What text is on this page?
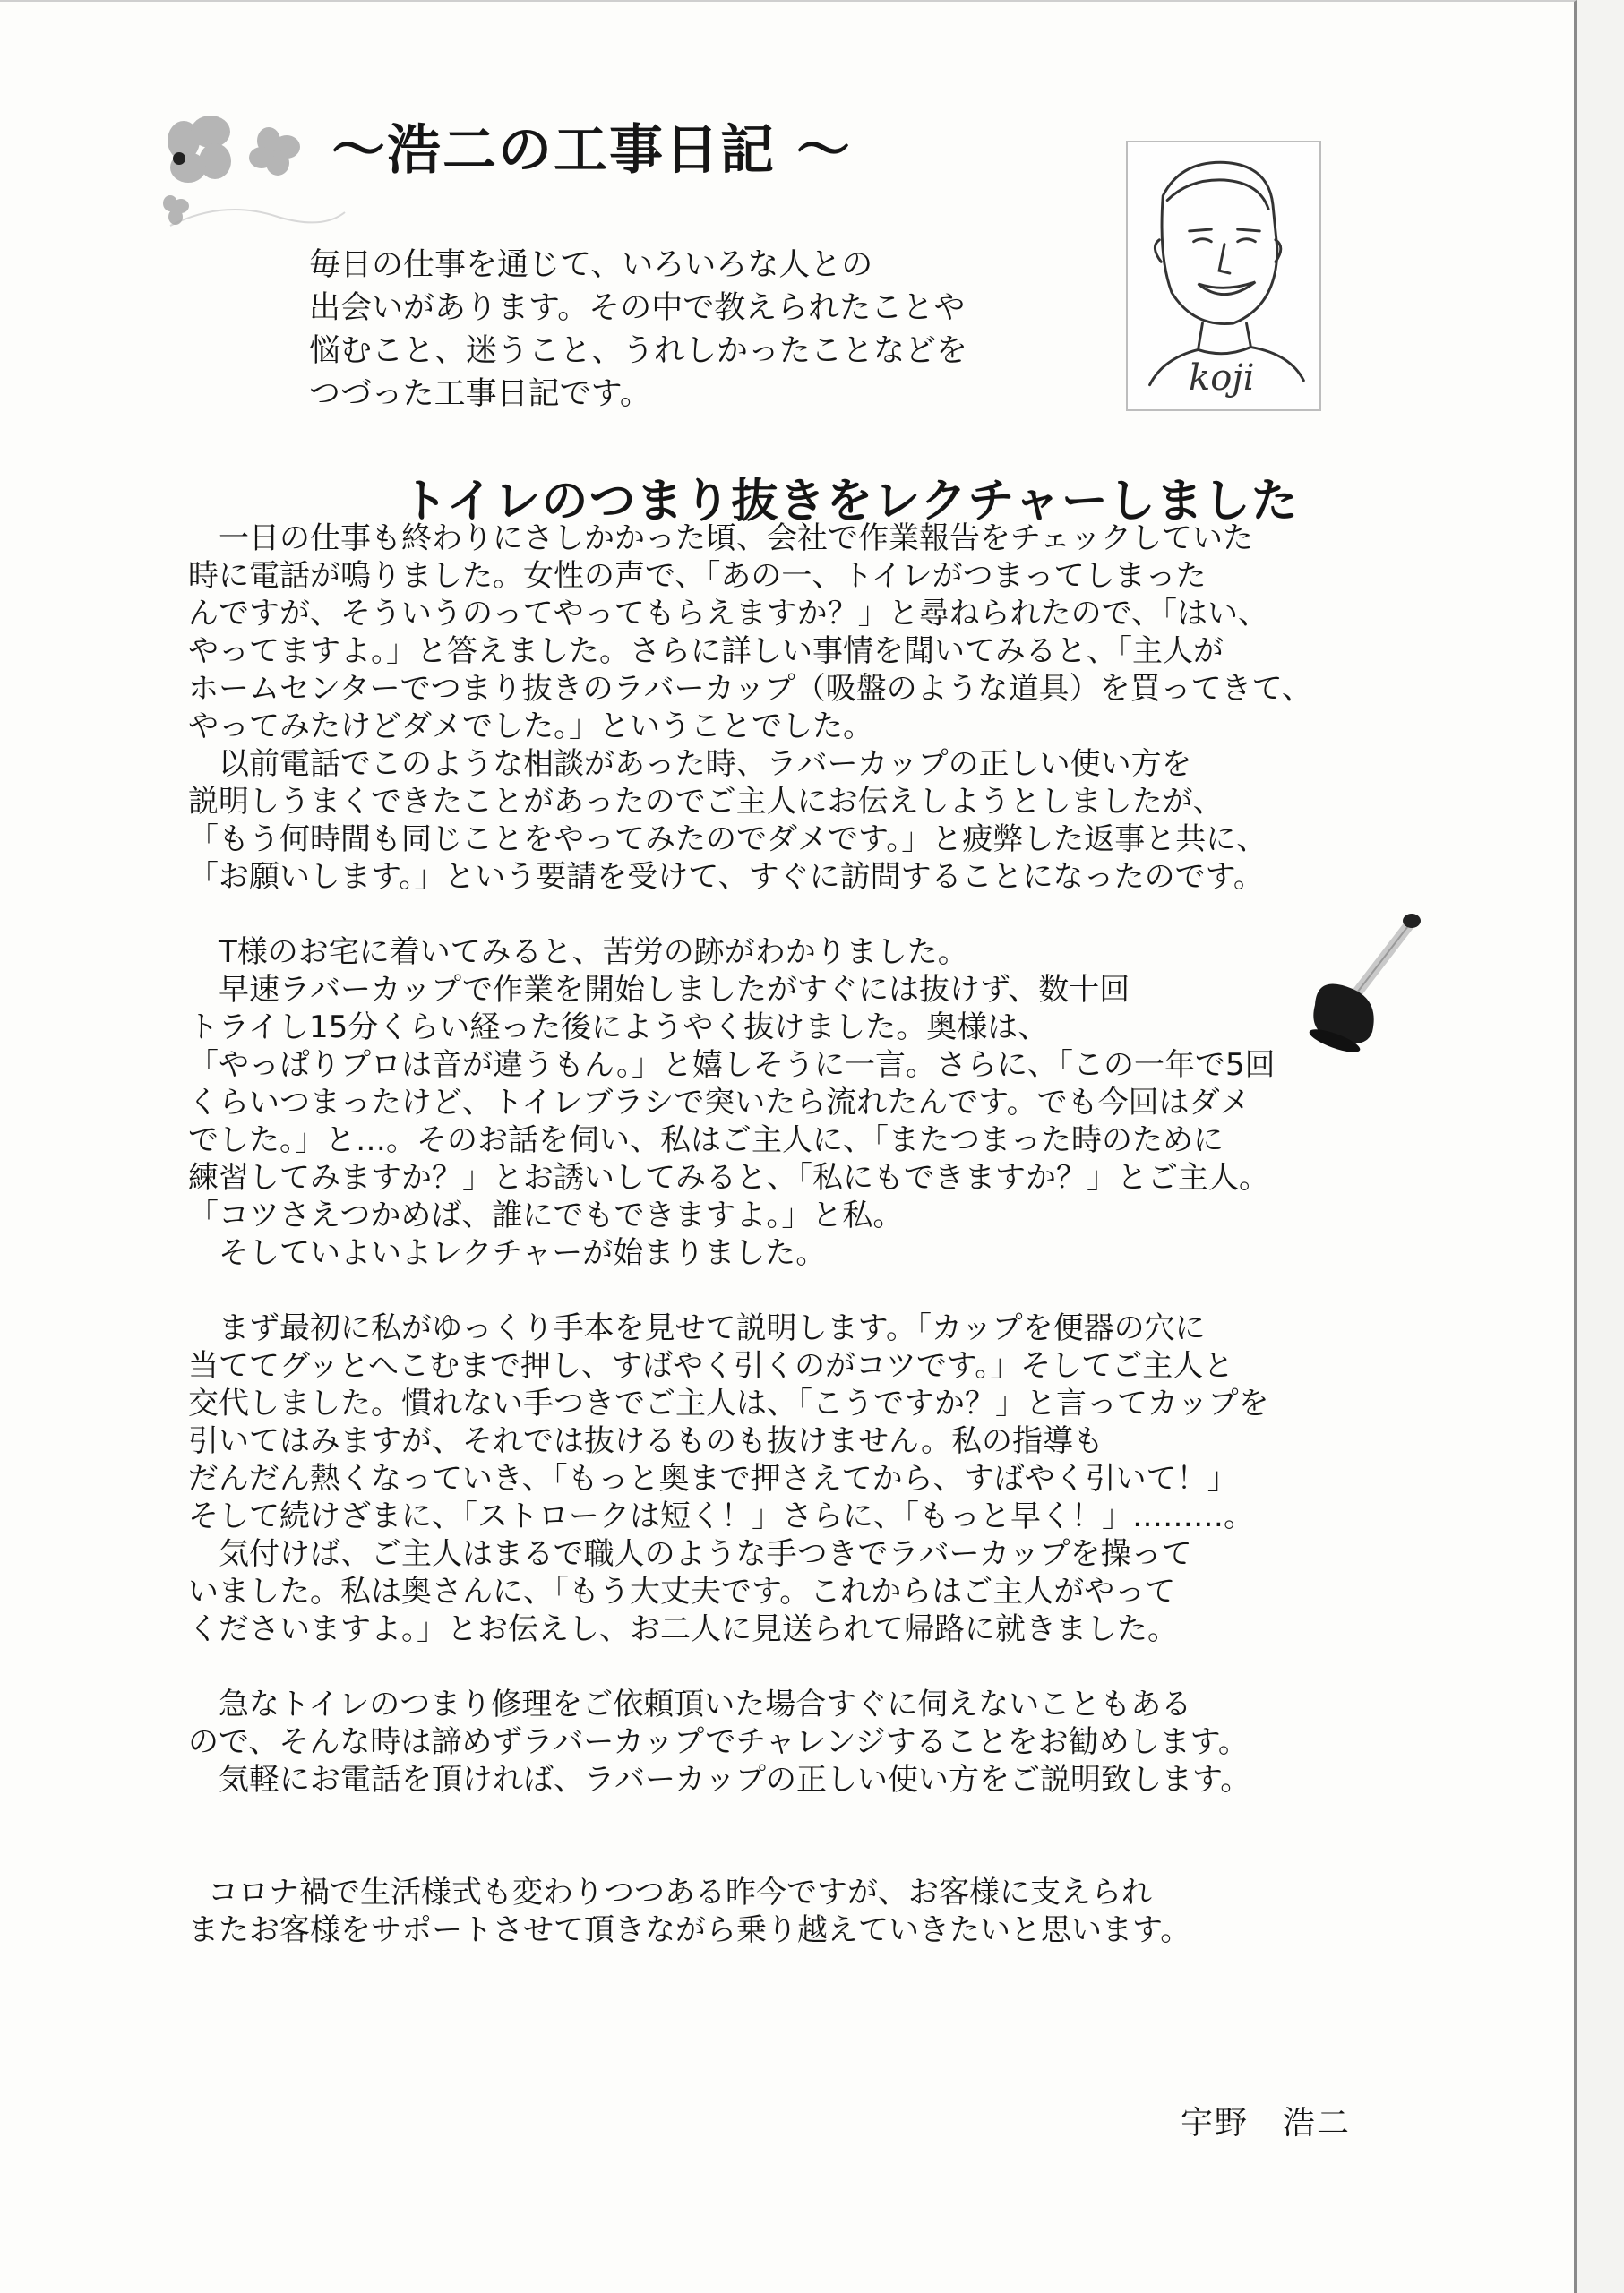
～浩二の工事日記 ～
koji
毎日の仕事を通じて、いろいろな人との
出会いがあります。その中で教えられたことや
悩むこと、迷うこと、うれしかったことなどを
つづった工事日記です。
トイレのつまり抜きをレクチャーしました
一日の仕事も終わりにさしかかった頃、会社で作業報告をチェックしていた
時に電話が鳴りました。女性の声で、「あの一、トイレがつまってしまった
んですが、そういうのってやってもらえますか？」と尋ねられたので、「はい、
やってますよ。」と答えました。さらに詳しい事情を聞いてみると、「主人が
ホームセンターでつまり抜きのラバーカップ（吸盤のような道具）を買ってきて、
やってみたけどダメでした。」ということでした。
以前電話でこのような相談があった時、ラバーカップの正しい使い方を
説明しうまくできたことがあったのでご主人にお伝えしようとしましたが、
「もう何時間も同じことをやってみたのでダメです。」と疲弊した返事と共に、
「お願いします。」という要請を受けて、すぐに訪問することになったのです。
T様のお宅に着いてみると、苦労の跡がわかりました。
早速ラバーカップで作業を開始しましたがすぐには抜けず、数十回
トライし15分くらい経った後にようやく抜けました。奥様は、
「やっぱりプロは音が違うもん。」と嬉しそうに一言。さらに、「この一年で5回
くらいつまったけど、トイレブラシで突いたら流れたんです。でも今回はダメ
でした。」と…。そのお話を伺い、私はご主人に、「またつまった時のために
練習してみますか？」とお誘いしてみると、「私にもできますか？」とご主人。
「コツさえつかめば、誰にでもできますよ。」と私。
そしていよいよレクチャーが始まりました。
まず最初に私がゆっくり手本を見せて説明します。「カップを便器の穴に
当ててグッとへこむまで押し、すばやく引くのがコツです。」そしてご主人と
交代しました。慣れない手つきでご主人は、「こうですか？」と言ってカップを
引いてはみますが、それでは抜けるものも抜けません。私の指導も
だんだん熱くなっていき、「もっと奥まで押さえてから、すばやく引いて！」
そして続けざまに、「ストロークは短く！」さらに、「もっと早く！」………。
気付けば、ご主人はまるで職人のような手つきでラバーカップを操って
いました。私は奥さんに、「もう大丈夫です。これからはご主人がやって
くださいますよ。」とお伝えし、お二人に見送られて帰路に就きました。
急なトイレのつまり修理をご依頼頂いた場合すぐに伺えないこともある
ので、そんな時は諦めずラバーカップでチャレンジすることをお勧めします。
気軽にお電話を頂ければ、ラバーカップの正しい使い方をご説明致します。
コロナ禍で生活様式も変わりつつある昨今ですが、お客様に支えられ
またお客様をサポートさせて頂きながら乗り越えていきたいと思います。
宇野　浩二
